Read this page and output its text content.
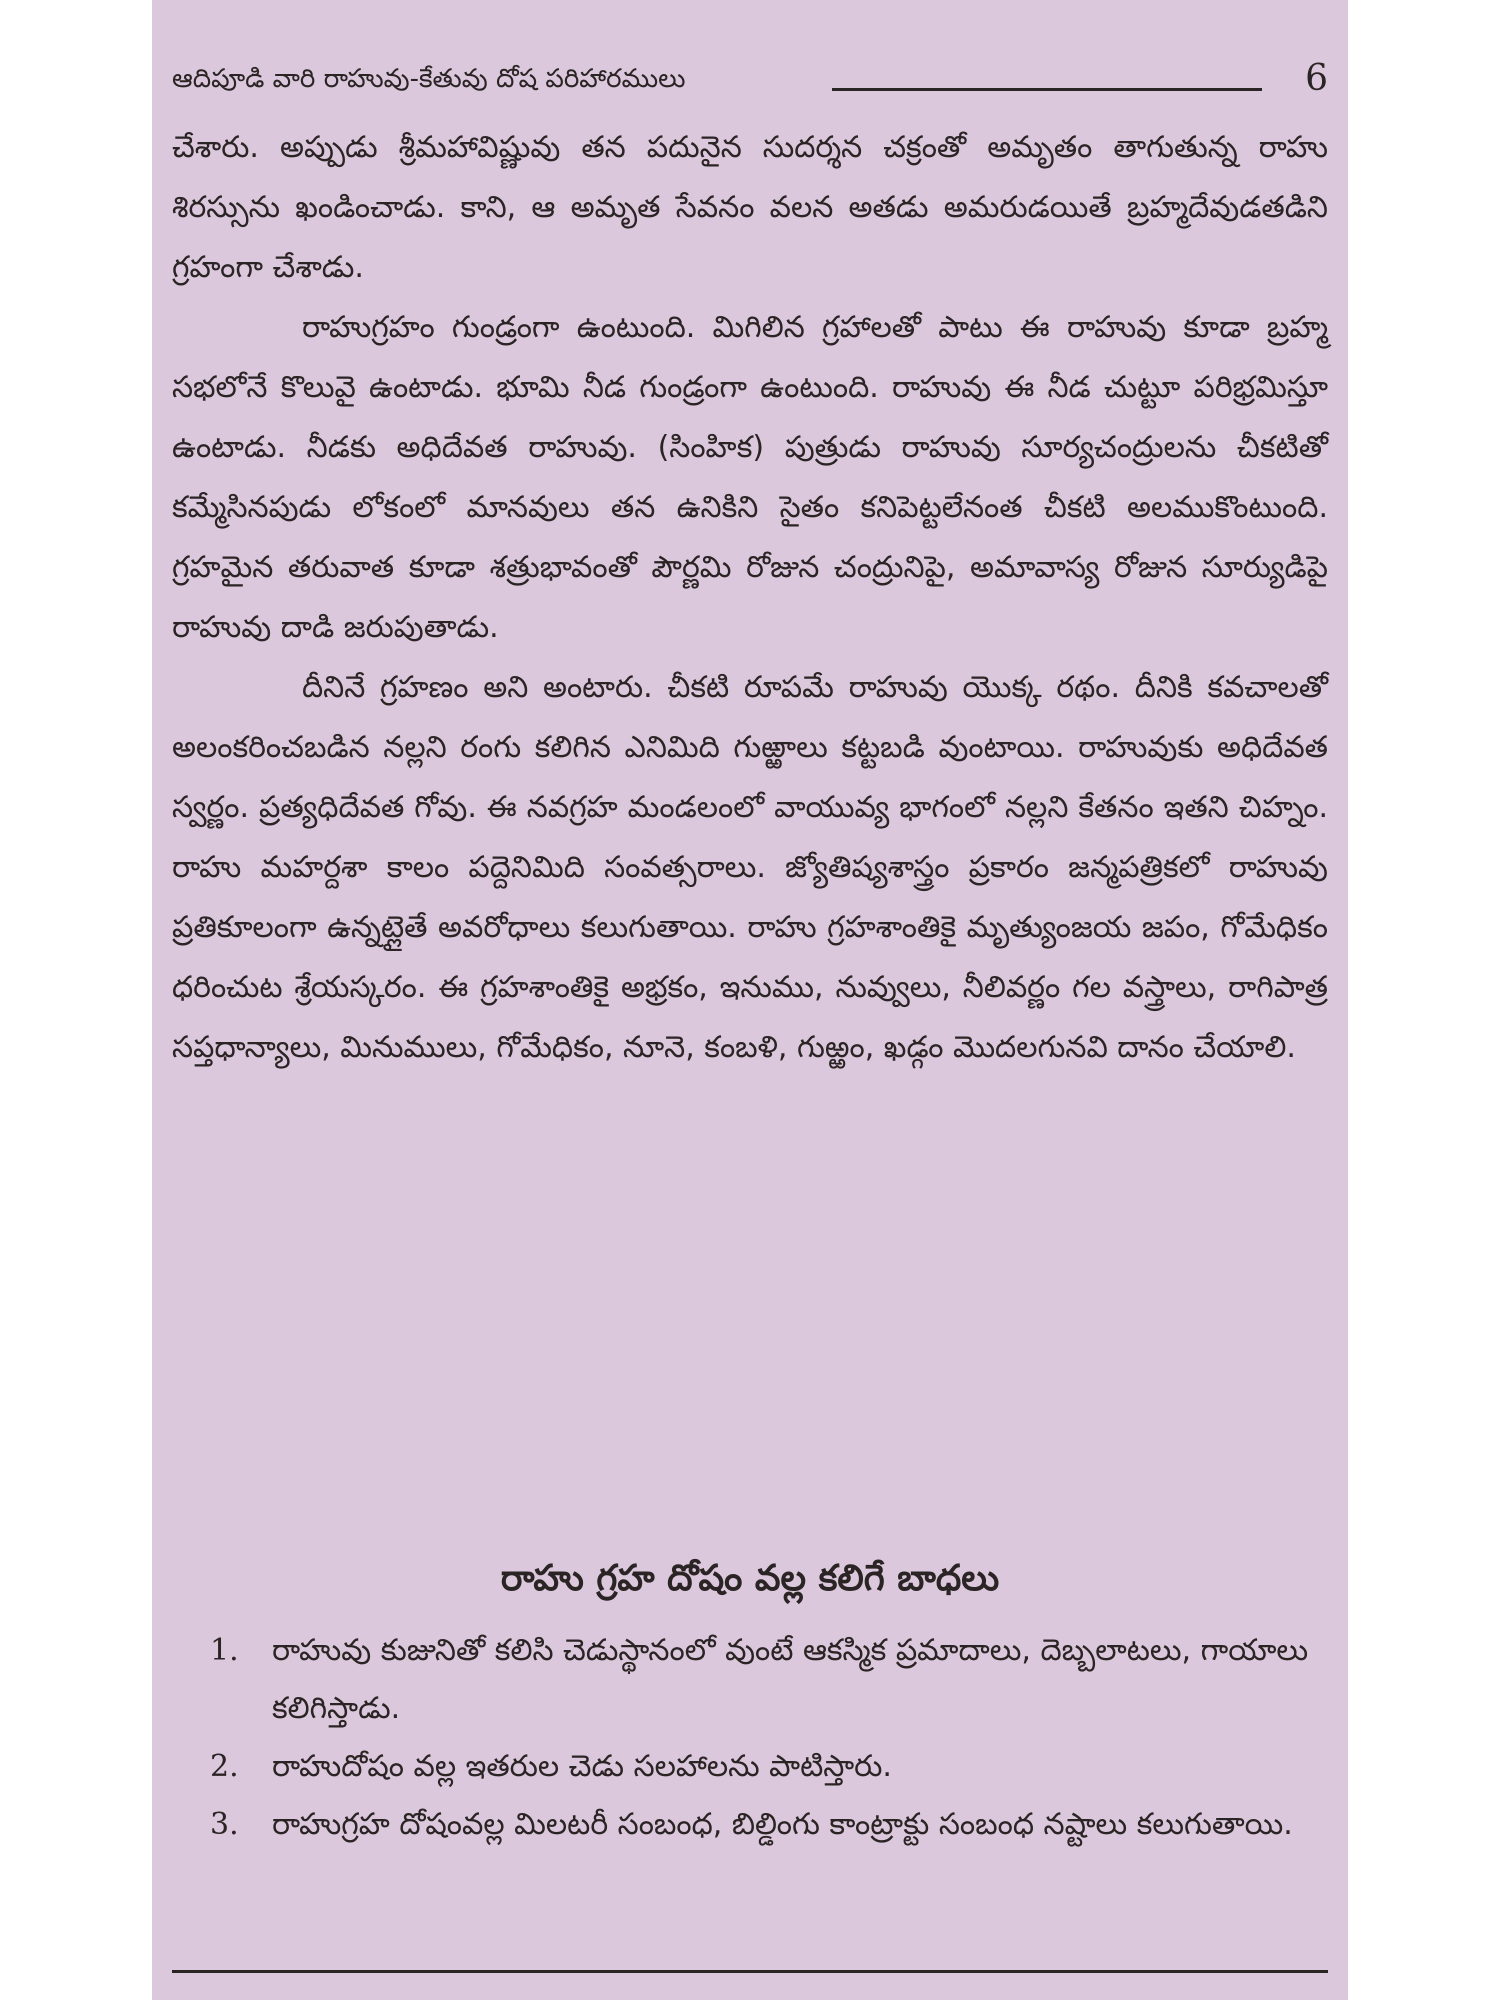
ఆదిపూడి వారి రాహువు-కేతువు దోష పరిహారములు	6

చేశారు. అప్పుడు శ్రీమహావిష్ణువు తన పదునైన సుదర్శన చక్రంతో అమృతం తాగుతున్న రాహు శిరస్సును ఖండించాడు. కాని, ఆ అమృత సేవనం వలన అతడు అమరుడయితే బ్రహ్మదేవుడతడిని గ్రహంగా చేశాడు.

రాహుగ్రహం గుండ్రంగా ఉంటుంది. మిగిలిన గ్రహాలతో పాటు ఈ రాహువు కూడా బ్రహ్మ సభలోనే కొలువై ఉంటాడు. భూమి నీడ గుండ్రంగా ఉంటుంది. రాహువు ఈ నీడ చుట్టూ పరిభ్రమిస్తూ ఉంటాడు. నీడకు అధిదేవత రాహువు. (సింహిక) పుత్రుడు రాహువు సూర్యచంద్రులను చీకటితో కమ్మేసినపుడు లోకంలో మానవులు తన ఉనికిని సైతం కనిపెట్టలేనంత చీకటి అలముకొంటుంది. గ్రహమైన తరువాత కూడా శత్రుభావంతో పౌర్ణమి రోజున చంద్రునిపై, అమావాస్య రోజున సూర్యుడిపై రాహువు దాడి జరుపుతాడు.

దీనినే గ్రహణం అని అంటారు. చీకటి రూపమే రాహువు యొక్క రథం. దీనికి కవచాలతో అలంకరించబడిన నల్లని రంగు కలిగిన ఎనిమిది గుఱ్ఱాలు కట్టబడి వుంటాయి. రాహువుకు అధిదేవత స్వర్ణం. ప్రత్యధిదేవత గోవు. ఈ నవగ్రహ మండలంలో వాయువ్య భాగంలో నల్లని కేతనం ఇతని చిహ్నం. రాహు మహర్దశా కాలం పద్దెనిమిది సంవత్సరాలు. జ్యోతిష్యశాస్త్రం ప్రకారం జన్మపత్రికలో రాహువు ప్రతికూలంగా ఉన్నట్లైతే అవరోధాలు కలుగుతాయి. రాహు గ్రహశాంతికై మృత్యుంజయ జపం, గోమేధికం ధరించుట శ్రేయస్కరం. ఈ గ్రహశాంతికై అభ్రకం, ఇనుము, నువ్వులు, నీలివర్ణం గల వస్త్రాలు, రాగిపాత్ర సప్తధాన్యాలు, మినుములు, గోమేధికం, నూనె, కంబళి, గుఱ్ఱం, ఖడ్గం మొదలగునవి దానం చేయాలి.

రాహు గ్రహ దోషం వల్ల కలిగే బాధలు
1. రాహువు కుజునితో కలిసి చెడుస్థానంలో వుంటే ఆకస్మిక ప్రమాదాలు, దెబ్బలాటలు, గాయాలు కలిగిస్తాడు.
2. రాహుదోషం వల్ల ఇతరుల చెడు సలహాలను పాటిస్తారు.
3. రాహుగ్రహ దోషంవల్ల మిలటరీ సంబంధ, బిల్డింగు కాంట్రాక్టు సంబంధ నష్టాలు కలుగుతాయి.
